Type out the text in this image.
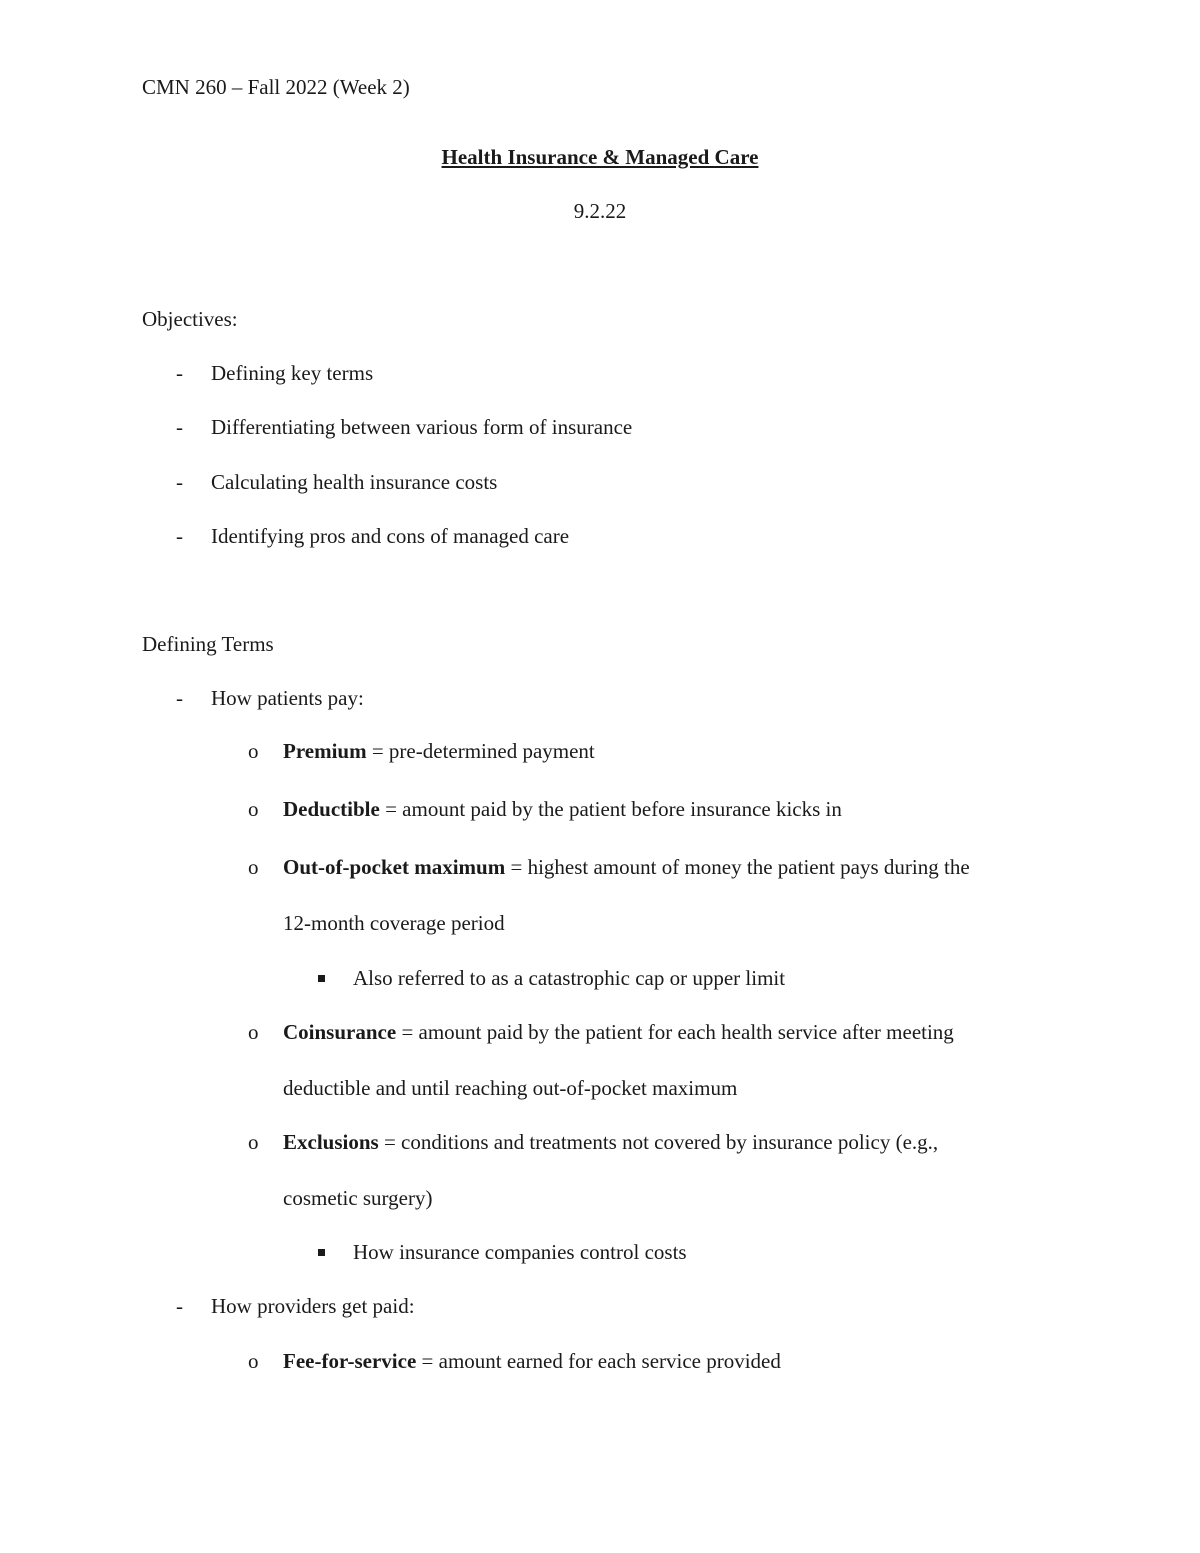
CMN 260 – Fall 2022 (Week 2)
Health Insurance & Managed Care
9.2.22
Objectives:
- Defining key terms
- Differentiating between various form of insurance
- Calculating health insurance costs
- Identifying pros and cons of managed care
Defining Terms
- How patients pay:
o Premium = pre-determined payment
o Deductible = amount paid by the patient before insurance kicks in
o Out-of-pocket maximum = highest amount of money the patient pays during the
12-month coverage period
Also referred to as a catastrophic cap or upper limit
o Coinsurance = amount paid by the patient for each health service after meeting
deductible and until reaching out-of-pocket maximum
o Exclusions = conditions and treatments not covered by insurance policy (e.g.,
cosmetic surgery)
How insurance companies control costs
- How providers get paid:
o Fee-for-service = amount earned for each service provided
